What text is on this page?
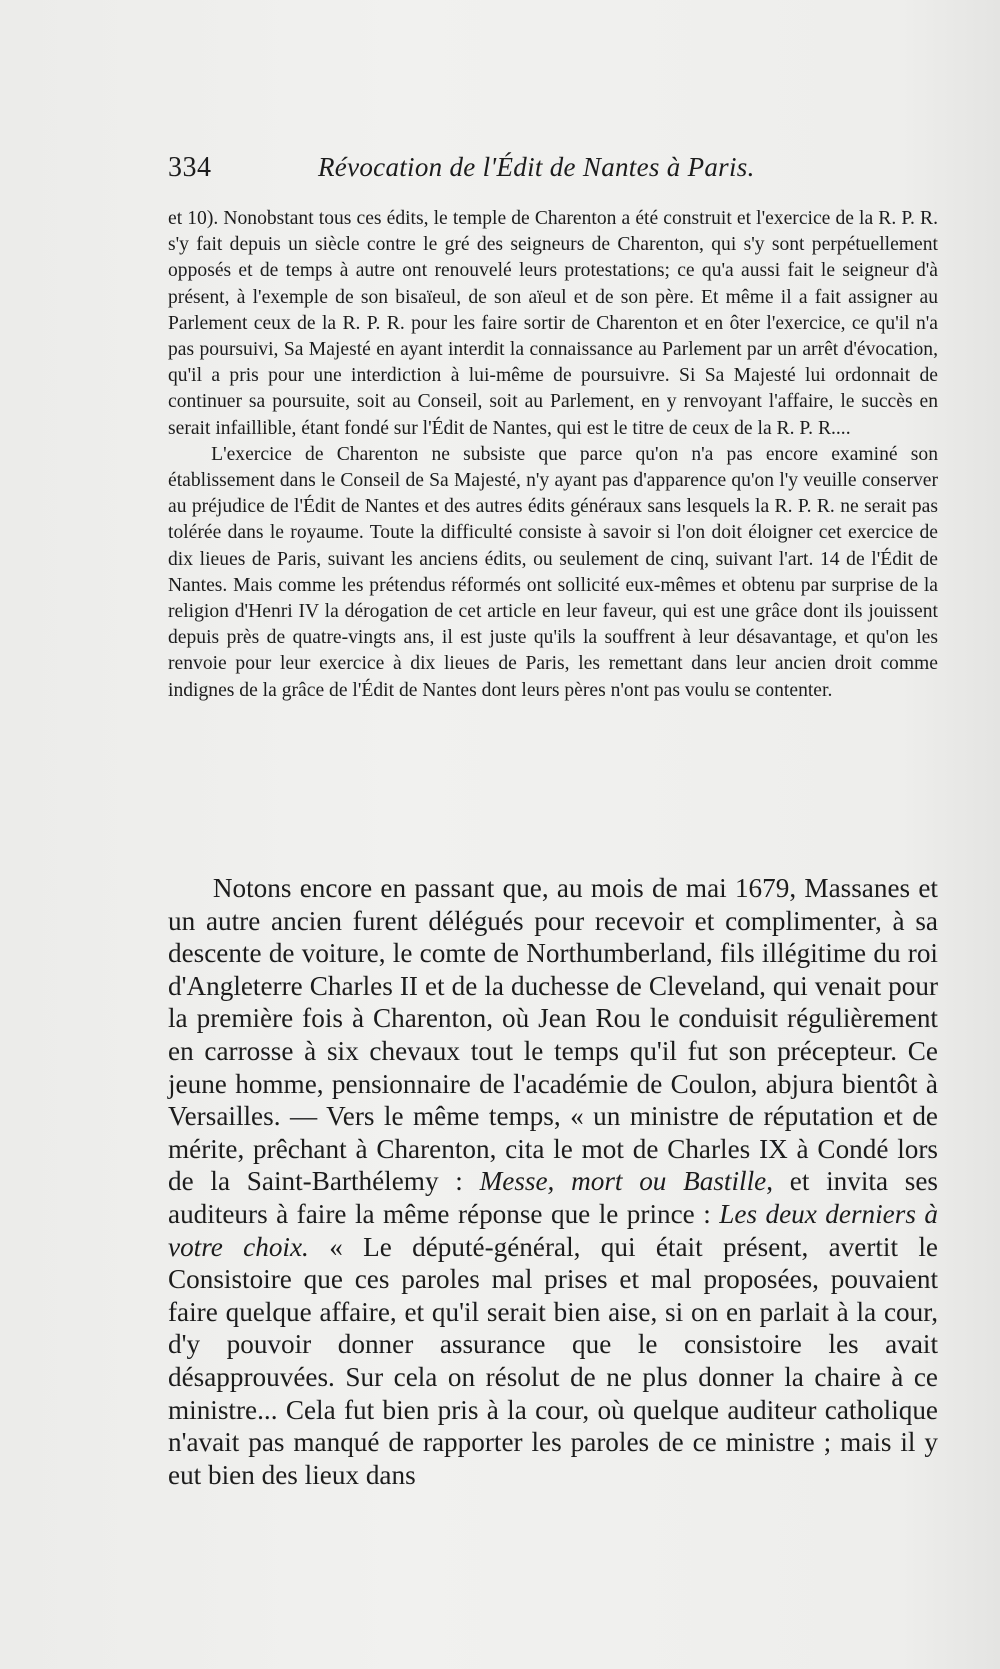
334	Révocation de l'Édit de Nantes à Paris.

et 10). Nonobstant tous ces édits, le temple de Charenton a été construit et l'exercice de la R. P. R. s'y fait depuis un siècle contre le gré des seigneurs de Charenton, qui s'y sont perpétuellement opposés et de temps à autre ont renouvelé leurs protestations; ce qu'a aussi fait le seigneur d'à présent, à l'exemple de son bisaïeul, de son aïeul et de son père. Et même il a fait assigner au Parlement ceux de la R. P. R. pour les faire sortir de Charenton et en ôter l'exercice, ce qu'il n'a pas poursuivi, Sa Majesté en ayant interdit la connaissance au Parlement par un arrêt d'évocation, qu'il a pris pour une interdiction à lui-même de poursuivre. Si Sa Majesté lui ordonnait de continuer sa poursuite, soit au Conseil, soit au Parlement, en y renvoyant l'affaire, le succès en serait infaillible, étant fondé sur l'Édit de Nantes, qui est le titre de ceux de la R. P. R....

L'exercice de Charenton ne subsiste que parce qu'on n'a pas encore examiné son établissement dans le Conseil de Sa Majesté, n'y ayant pas d'apparence qu'on l'y veuille conserver au préjudice de l'Édit de Nantes et des autres édits généraux sans lesquels la R. P. R. ne serait pas tolérée dans le royaume. Toute la difficulté consiste à savoir si l'on doit éloigner cet exercice de dix lieues de Paris, suivant les anciens édits, ou seulement de cinq, suivant l'art. 14 de l'Édit de Nantes. Mais comme les prétendus réformés ont sollicité eux-mêmes et obtenu par surprise de la religion d'Henri IV la dérogation de cet article en leur faveur, qui est une grâce dont ils jouissent depuis près de quatre-vingts ans, il est juste qu'ils la souffrent à leur désavantage, et qu'on les renvoie pour leur exercice à dix lieues de Paris, les remettant dans leur ancien droit comme indignes de la grâce de l'Édit de Nantes dont leurs pères n'ont pas voulu se contenter.

Notons encore en passant que, au mois de mai 1679, Massanes et un autre ancien furent délégués pour recevoir et complimenter, à sa descente de voiture, le comte de Northumberland, fils illégitime du roi d'Angleterre Charles II et de la duchesse de Cleveland, qui venait pour la première fois à Charenton, où Jean Rou le conduisit régulièrement en carrosse à six chevaux tout le temps qu'il fut son précepteur. Ce jeune homme, pensionnaire de l'académie de Coulon, abjura bientôt à Versailles. — Vers le même temps, « un ministre de réputation et de mérite, prêchant à Charenton, cita le mot de Charles IX à Condé lors de la Saint-Barthélemy : Messe, mort ou Bastille, et invita ses auditeurs à faire la même réponse que le prince : Les deux derniers à votre choix. « Le député-général, qui était présent, avertit le Consistoire que ces paroles mal prises et mal proposées, pouvaient faire quelque affaire, et qu'il serait bien aise, si on en parlait à la cour, d'y pouvoir donner assurance que le consistoire les avait désapprouvées. Sur cela on résolut de ne plus donner la chaire à ce ministre... Cela fut bien pris à la cour, où quelque auditeur catholique n'avait pas manqué de rapporter les paroles de ce ministre ; mais il y eut bien des lieux dans
